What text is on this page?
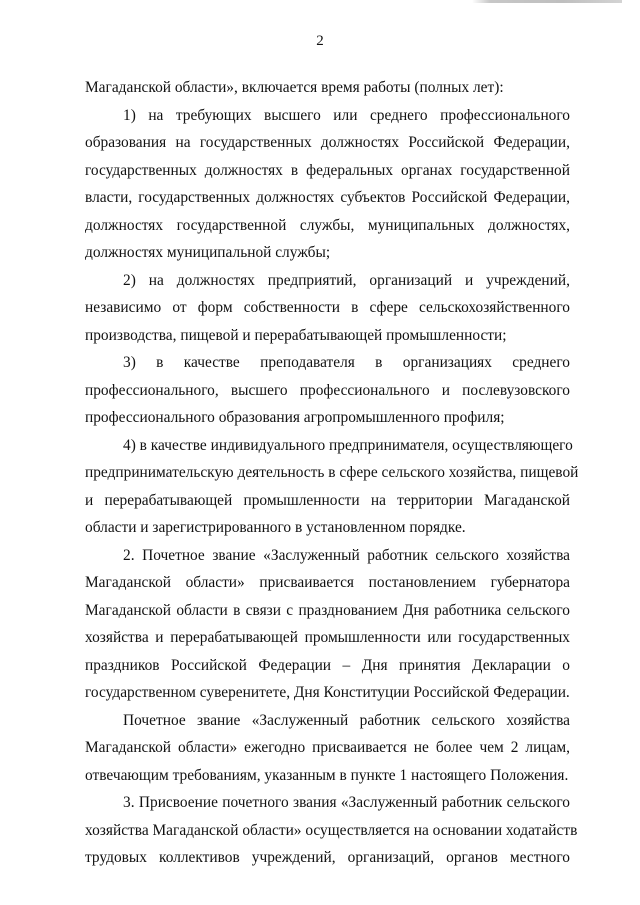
2
Магаданской области», включается время работы (полных лет):
1) на требующих высшего или среднего профессионального
образования на государственных должностях Российской Федерации,
государственных должностях в федеральных органах государственной
власти, государственных должностях субъектов Российской Федерации,
должностях государственной службы, муниципальных должностях,
должностях муниципальной службы;
2) на должностях предприятий, организаций и учреждений,
независимо от форм собственности в сфере сельскохозяйственного
производства, пищевой и перерабатывающей промышленности;
3) в качестве преподавателя в организациях среднего
профессионального, высшего профессионального и послевузовского
профессионального образования агропромышленного профиля;
4) в качестве индивидуального предпринимателя, осуществляющего
предпринимательскую деятельность в сфере сельского хозяйства, пищевой
и перерабатывающей промышленности на территории Магаданской
области и зарегистрированного в установленном порядке.
2. Почетное звание «Заслуженный работник сельского хозяйства
Магаданской области» присваивается постановлением губернатора
Магаданской области в связи с празднованием Дня работника сельского
хозяйства и перерабатывающей промышленности или государственных
праздников Российской Федерации – Дня принятия Декларации о
государственном суверенитете, Дня Конституции Российской Федерации.
Почетное звание «Заслуженный работник сельского хозяйства
Магаданской области» ежегодно присваивается не более чем 2 лицам,
отвечающим требованиям, указанным в пункте 1 настоящего Положения.
3. Присвоение почетного звания «Заслуженный работник сельского
хозяйства Магаданской области» осуществляется на основании ходатайств
трудовых коллективов учреждений, организаций, органов местного
